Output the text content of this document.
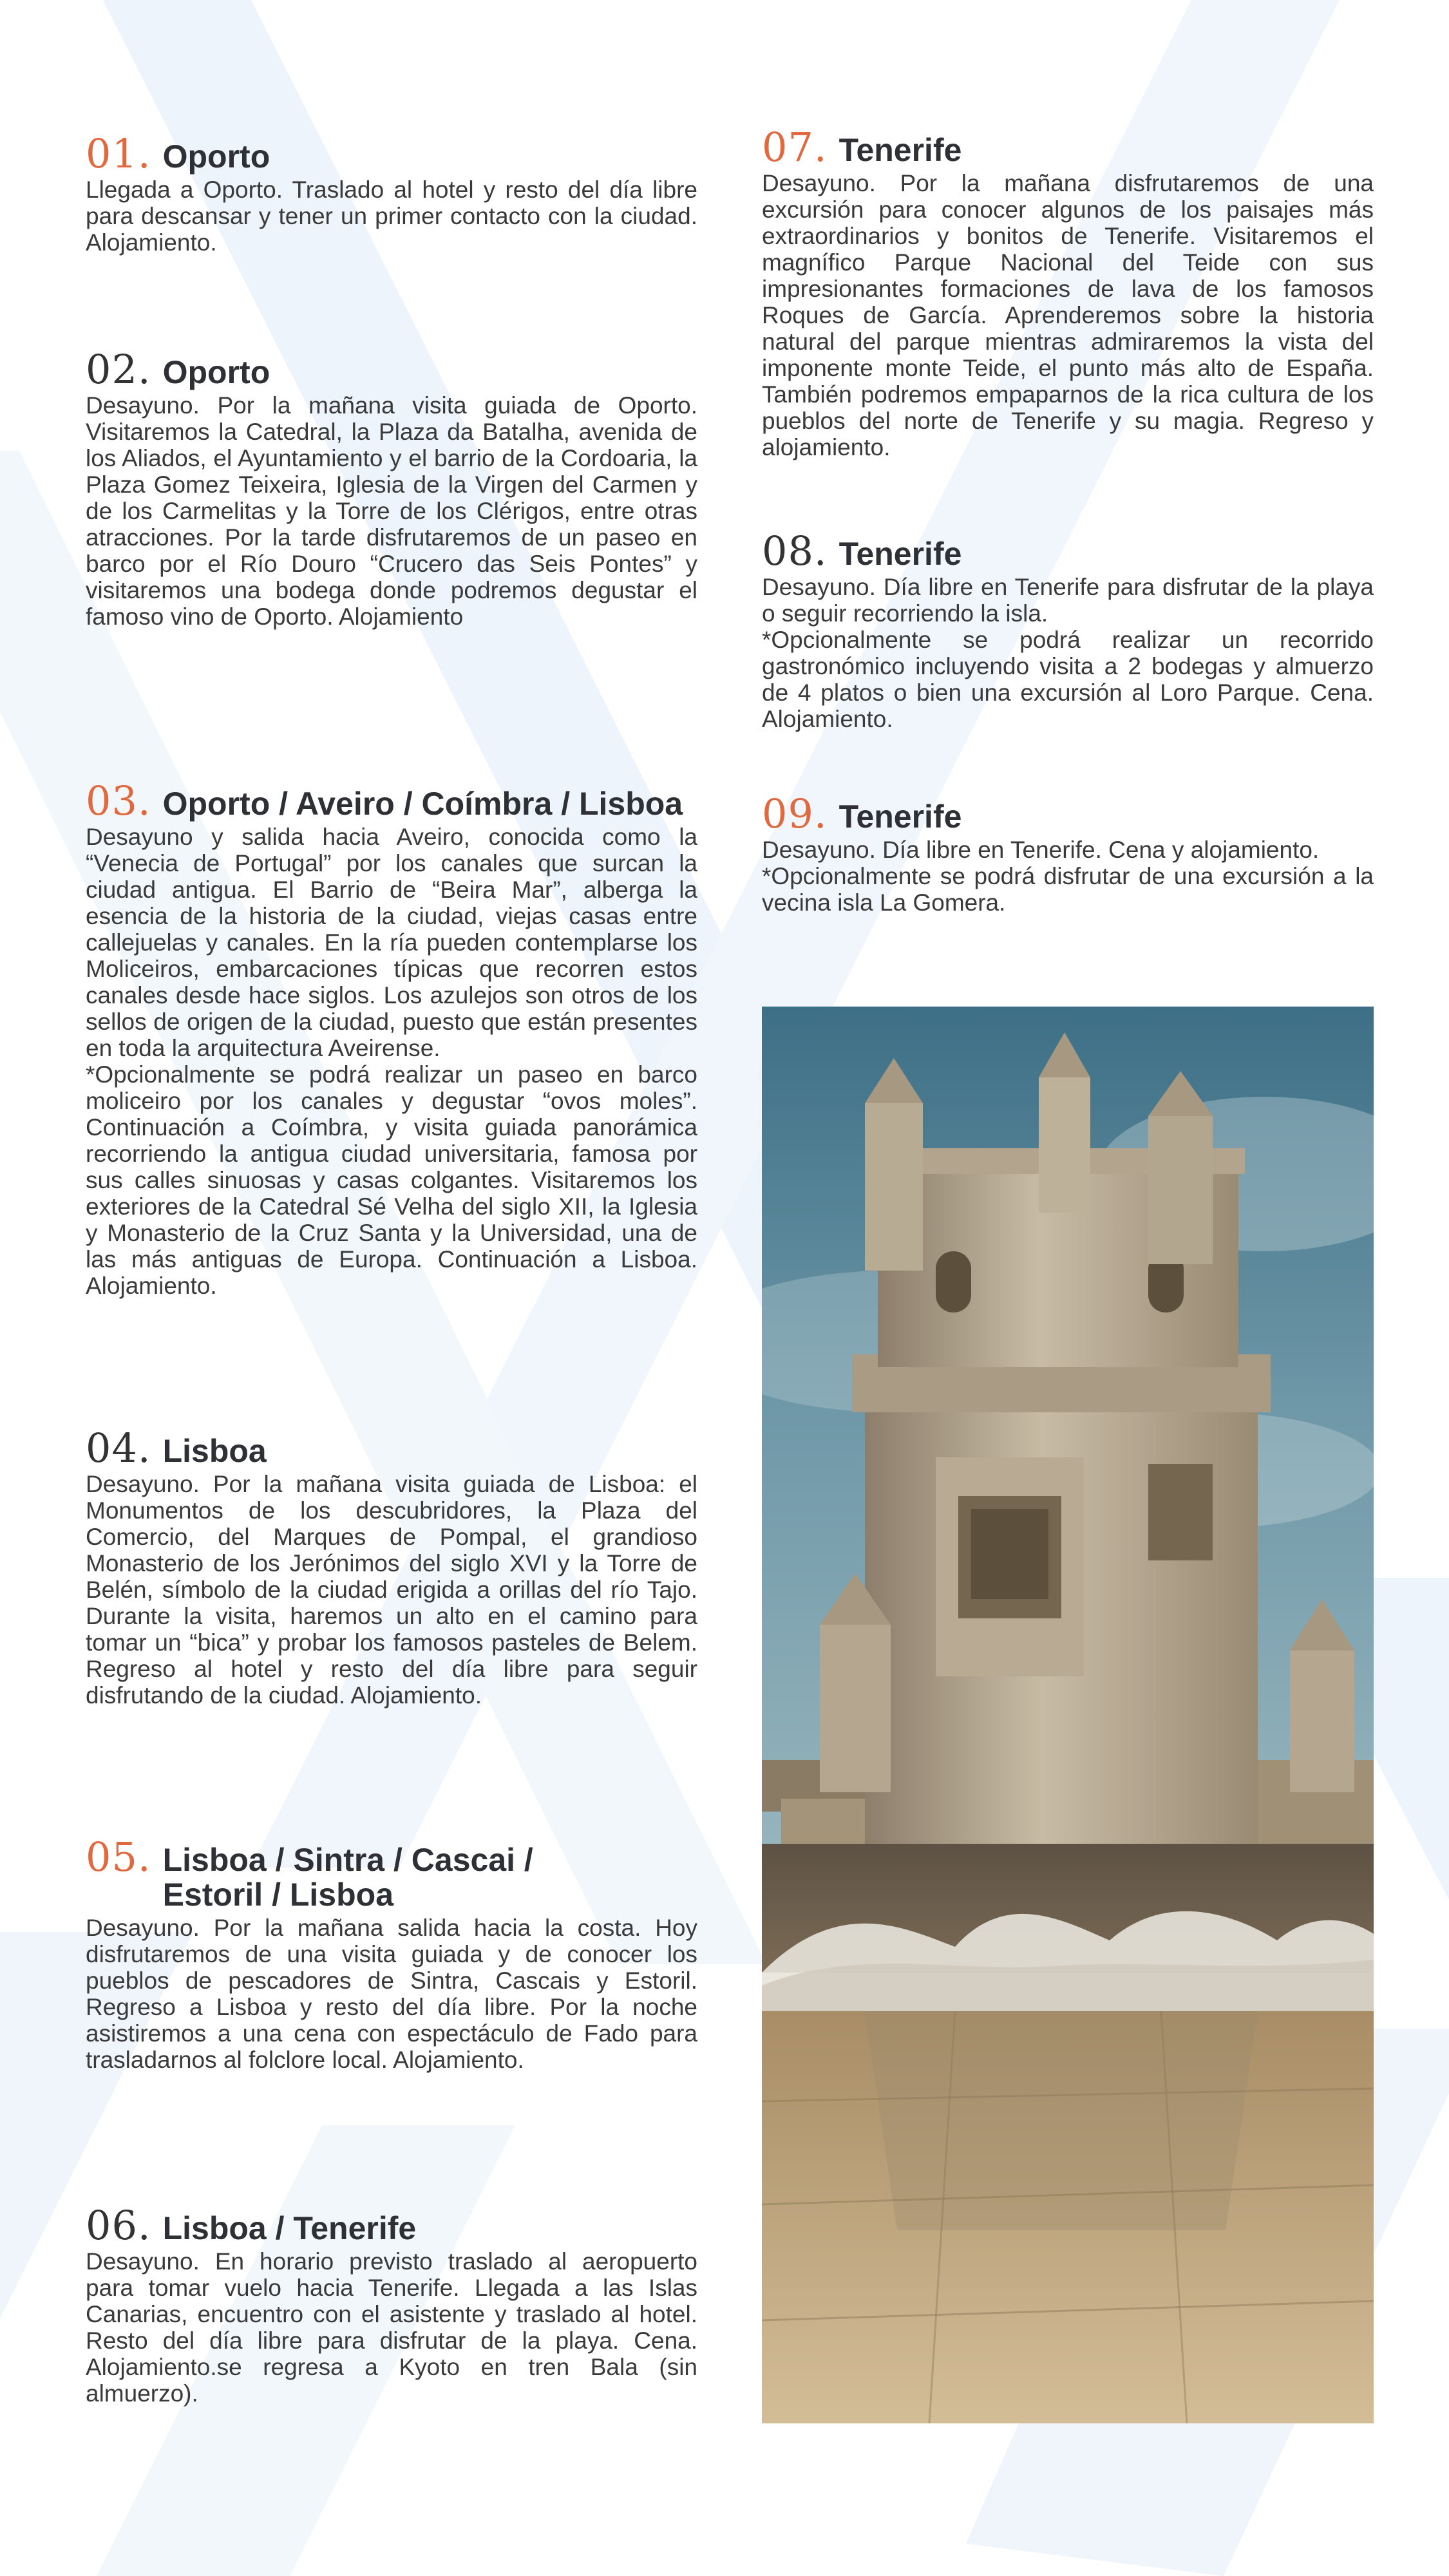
01. Oporto

Llegada a Oporto. Traslado al hotel y resto del día libre para descansar y tener un primer contacto con la ciudad. Alojamiento.

02. Oporto

Desayuno. Por la mañana visita guiada de Oporto. Visitaremos la Catedral, la Plaza da Batalha, avenida de los Aliados, el Ayuntamiento y el barrio de la Cordoaria, la Plaza Gomez Teixeira, Iglesia de la Virgen del Carmen y de los Carmelitas y la Torre de los Clérigos, entre otras atracciones. Por la tarde disfrutaremos de un paseo en barco por el Río Douro “Crucero das Seis Pontes” y visitaremos una bodega donde podremos degustar el famoso vino de Oporto. Alojamiento

03. Oporto / Aveiro / Coímbra / Lisboa

Desayuno y salida hacia Aveiro, conocida como la “Venecia de Portugal” por los canales que surcan la ciudad antigua. El Barrio de “Beira Mar”, alberga la esencia de la historia de la ciudad, viejas casas entre callejuelas y canales. En la ría pueden contemplarse los Moliceiros, embarcaciones típicas que recorren estos canales desde hace siglos. Los azulejos son otros de los sellos de origen de la ciudad, puesto que están presentes en toda la arquitectura Aveirense.
*Opcionalmente se podrá realizar un paseo en barco moliceiro por los canales y degustar “ovos moles”. Continuación a Coímbra, y visita guiada panorámica recorriendo la antigua ciudad universitaria, famosa por sus calles sinuosas y casas colgantes. Visitaremos los exteriores de la Catedral Sé Velha del siglo XII, la Iglesia y Monasterio de la Cruz Santa y la Universidad, una de las más antiguas de Europa. Continuación a Lisboa. Alojamiento.

04. Lisboa

Desayuno. Por la mañana visita guiada de Lisboa: el Monumentos de los descubridores, la Plaza del Comercio, del Marques de Pompal, el grandioso Monasterio de los Jerónimos del siglo XVI y la Torre de Belén, símbolo de la ciudad erigida a orillas del río Tajo. Durante la visita, haremos un alto en el camino para tomar un “bica” y probar los famosos pasteles de Belem. Regreso al hotel y resto del día libre para seguir disfrutando de la ciudad. Alojamiento.

05. Lisboa / Sintra / Cascai / Estoril / Lisboa

Desayuno. Por la mañana salida hacia la costa. Hoy disfrutaremos de una visita guiada y de conocer los pueblos de pescadores de Sintra, Cascais y Estoril. Regreso a Lisboa y resto del día libre. Por la noche asistiremos a una cena con espectáculo de Fado para trasladarnos al folclore local. Alojamiento.

06. Lisboa / Tenerife

Desayuno. En horario previsto traslado al aeropuerto para tomar vuelo hacia Tenerife. Llegada a las Islas Canarias, encuentro con el asistente y traslado al hotel. Resto del día libre para disfrutar de la playa. Cena. Alojamiento.se regresa a Kyoto en tren Bala (sin almuerzo).

07. Tenerife

Desayuno. Por la mañana disfrutaremos de una excursión para conocer algunos de los paisajes más extraordinarios y bonitos de Tenerife. Visitaremos el magnífico Parque Nacional del Teide con sus impresionantes formaciones de lava de los famosos Roques de García. Aprenderemos sobre la historia natural del parque mientras admiraremos la vista del imponente monte Teide, el punto más alto de España. También podremos empaparnos de la rica cultura de los pueblos del norte de Tenerife y su magia. Regreso y alojamiento.

08. Tenerife

Desayuno. Día libre en Tenerife para disfrutar de la playa o seguir recorriendo la isla.
*Opcionalmente se podrá realizar un recorrido gastronómico incluyendo visita a 2 bodegas y almuerzo de 4 platos o bien una excursión al Loro Parque. Cena. Alojamiento.

09. Tenerife

Desayuno. Día libre en Tenerife. Cena y alojamiento.
*Opcionalmente se podrá disfrutar de una excursión a la vecina isla La Gomera.
